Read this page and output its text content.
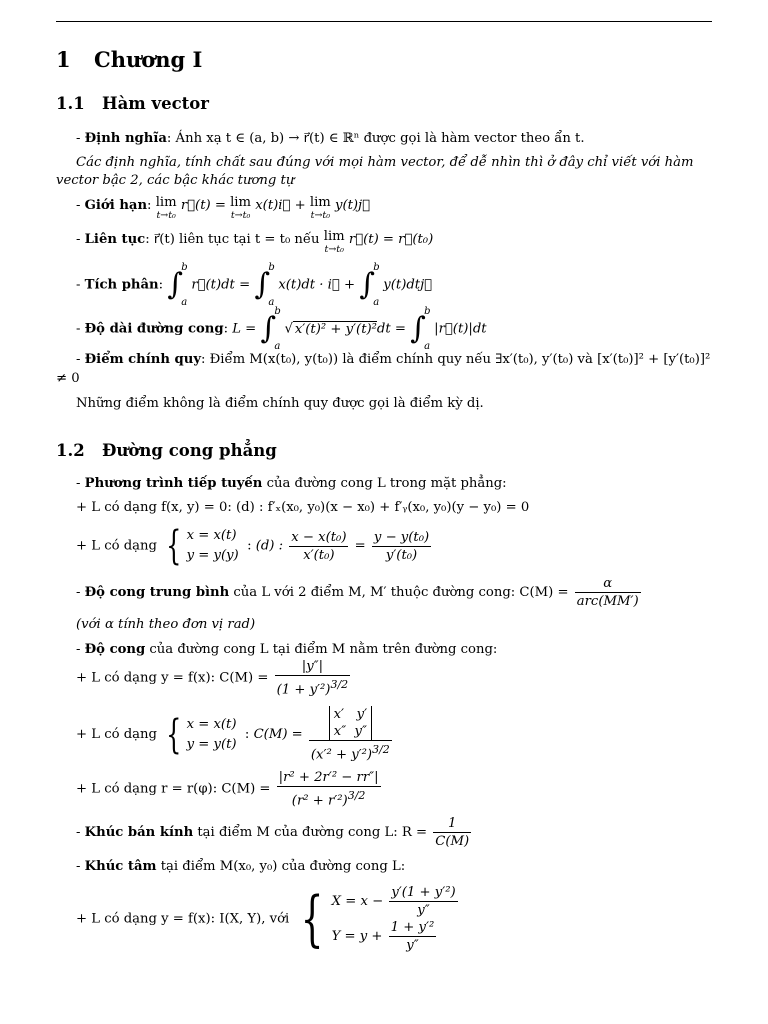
1 Chương I
1.1 Hàm vector
- Định nghĩa: Ánh xạ t ∈ (a, b) → r⃗(t) ∈ ℝⁿ được gọi là hàm vector theo ẩn t.
Các định nghĩa, tính chất sau đúng với mọi hàm vector, để dễ nhìn thì ở đây chỉ viết với hàm vector bậc 2, các bậc khác tương tự
- Giới hạn: lim
t→t₀
r⃗(t) = lim
t→t₀
x(t)i⃗ + lim
t→t₀
y(t)j⃗
- Liên tục: r⃗(t) liên tục tại t = t₀ nếu lim
t→t₀
r⃗(t) = r⃗(t₀)
- Tích phân: ∫
b
a
r⃗(t)dt = ∫
b
a
x(t)dt · i⃗ + ∫
b
a
y(t)dtj⃗
- Độ dài đường cong: L = ∫
b
a
√ x′(t)² + y′(t)²dt = ∫
b
a
|r⃗(t)|dt
- Điểm chính quy: Điểm M(x(t₀), y(t₀)) là điểm chính quy nếu ∃x′(t₀), y′(t₀) và [x′(t₀)]² + [y′(t₀)]² ≠ 0
Những điểm không là điểm chính quy được gọi là điểm kỳ dị.
1.2 Đường cong phẳng
- Phương trình tiếp tuyến của đường cong L trong mặt phẳng:
+ L có dạng f(x, y) = 0: (d) : f′ₓ(x₀, y₀)(x − x₀) + f′ᵧ(x₀, y₀)(y − y₀) = 0
+ L có dạng { x = x(t)
y = y(y)  : (d) : $\frac{\text{x − x(t₀)}}{\text{x′(t₀)}} = \frac{\text{y − y(t₀)}}{\text{y′(t₀)}}$
- Độ cong trung bình của L với 2 điểm M, M′ thuộc đường cong: $C(M) = \frac{\alpha}{\text{arc(MM′)}}$
(với α tính theo đơn vị rad)
- Độ cong của đường cong L tại điểm M nằm trên đường cong:
+ L có dạng y = f(x): $C(M) = \frac{|y''|}{(1 + y'^2)^{3/2}}$
+ L có dạng { x = x(t)
y = y(t)  : C(M) =
x′   y′
x″  y″
$(x'^2 + y'^2)^{3/2}$
+ L có dạng r = r(φ): $C(M) = \frac{\text{|r² + 2r′² − rr″|}}{(r^2 + r'^2)^{3/2}}$
- Khúc bán kính tại điểm M của đường cong L: $R = \frac{1}{C(M)}$
- Khúc tâm tại điểm M(x₀, y₀) của đường cong L:
+ L có dạng y = f(x): I(X, Y), với {$X = x - \frac{\text{y′(1 + y′²)}}{y''}$

$Y = y + \frac{\text{1 + y′²}}{y''}$
